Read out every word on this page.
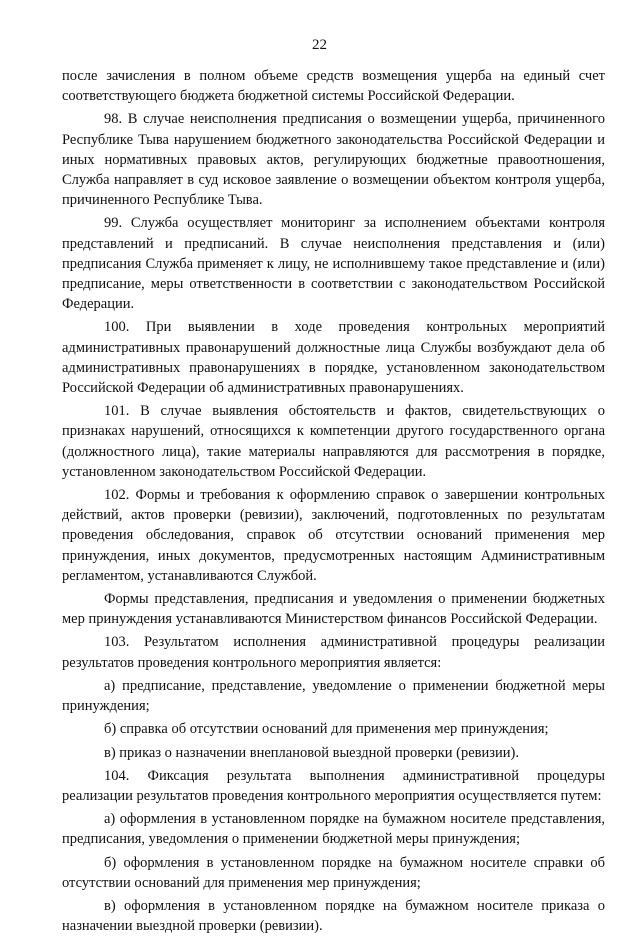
22

после зачисления в полном объеме средств возмещения ущерба на единый счет соответствующего бюджета бюджетной системы Российской Федерации.

98. В случае неисполнения предписания о возмещении ущерба, причиненного Республике Тыва нарушением бюджетного законодательства Российской Федерации и иных нормативных правовых актов, регулирующих бюджетные правоотношения, Служба направляет в суд исковое заявление о возмещении объектом контроля ущерба, причиненного Республике Тыва.

99. Служба осуществляет мониторинг за исполнением объектами контроля представлений и предписаний. В случае неисполнения представления и (или) предписания Служба применяет к лицу, не исполнившему такое представление и (или) предписание, меры ответственности в соответствии с законодательством Российской Федерации.

100. При выявлении в ходе проведения контрольных мероприятий административных правонарушений должностные лица Службы возбуждают дела об административных правонарушениях в порядке, установленном законодательством Российской Федерации об административных правонарушениях.

101. В случае выявления обстоятельств и фактов, свидетельствующих о признаках нарушений, относящихся к компетенции другого государственного органа (должностного лица), такие материалы направляются для рассмотрения в порядке, установленном законодательством Российской Федерации.

102. Формы и требования к оформлению справок о завершении контрольных действий, актов проверки (ревизии), заключений, подготовленных по результатам проведения обследования, справок об отсутствии оснований применения мер принуждения, иных документов, предусмотренных настоящим Административным регламентом, устанавливаются Службой.

Формы представления, предписания и уведомления о применении бюджетных мер принуждения устанавливаются Министерством финансов Российской Федерации.

103. Результатом исполнения административной процедуры реализации результатов проведения контрольного мероприятия является:

а) предписание, представление, уведомление о применении бюджетной меры принуждения;

б) справка об отсутствии оснований для применения мер принуждения;

в) приказ о назначении внеплановой выездной проверки (ревизии).

104. Фиксация результата выполнения административной процедуры реализации результатов проведения контрольного мероприятия осуществляется путем:

а) оформления в установленном порядке на бумажном носителе представления, предписания, уведомления о применении бюджетной меры принуждения;

б) оформления в установленном порядке на бумажном носителе справки об отсутствии оснований для применения мер принуждения;

в) оформления в установленном порядке на бумажном носителе приказа о назначении выездной проверки (ревизии).
